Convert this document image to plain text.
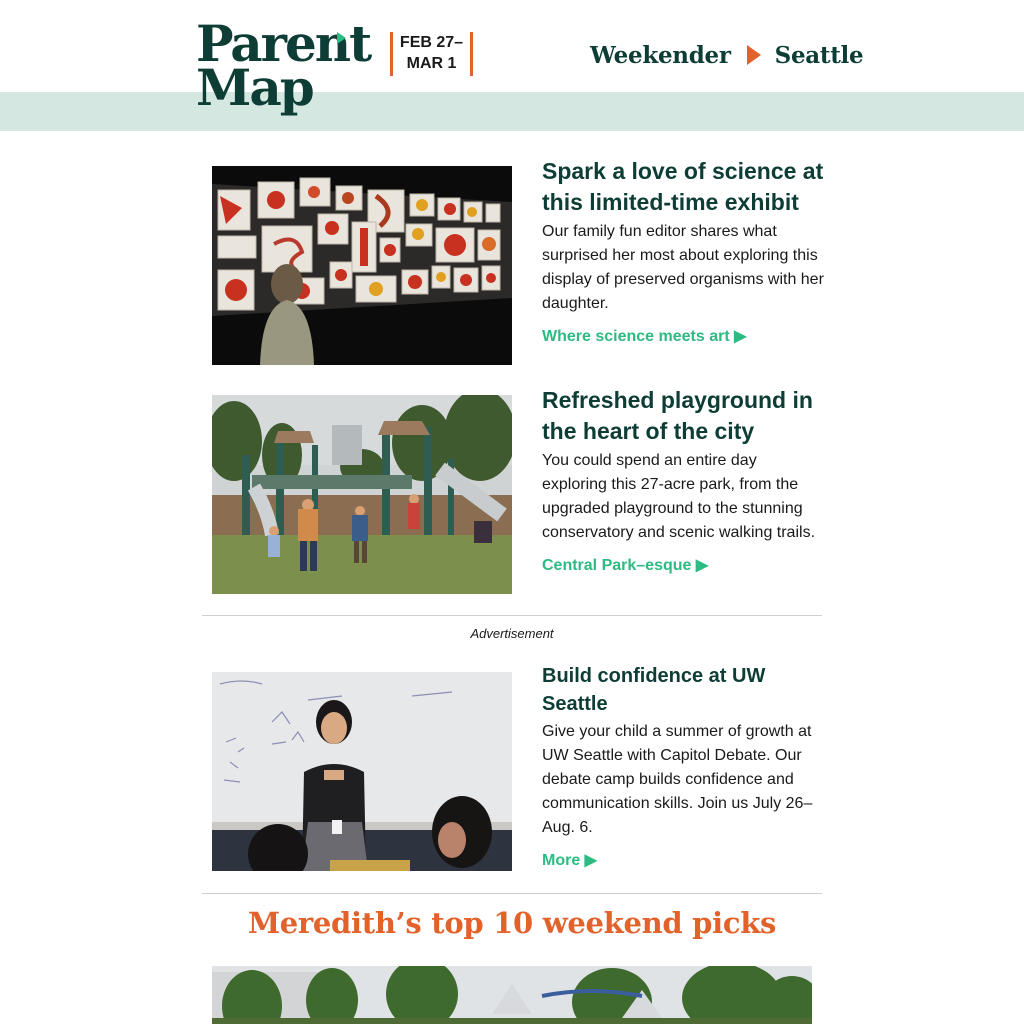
Parent
Map
FEB 27–
MAR 1	Weekender Seattle
Spark a love of science at this limited-time exhibit

Our family fun editor shares what surprised her most about exploring this display of preserved organisms with her daughter.

Where science meets art ▶
Refreshed playground in the heart of the city

You could spend an entire day exploring this 27-acre park, from the upgraded playground to the stunning conservatory and scenic walking trails.

Central Park–esque ▶
Advertisement
Build confidence at UW Seattle

Give your child a summer of growth at UW Seattle with Capitol Debate. Our debate camp builds confidence and communication skills. Join us July 26–Aug. 6.

More ▶
Meredith’s top 10 weekend picks
